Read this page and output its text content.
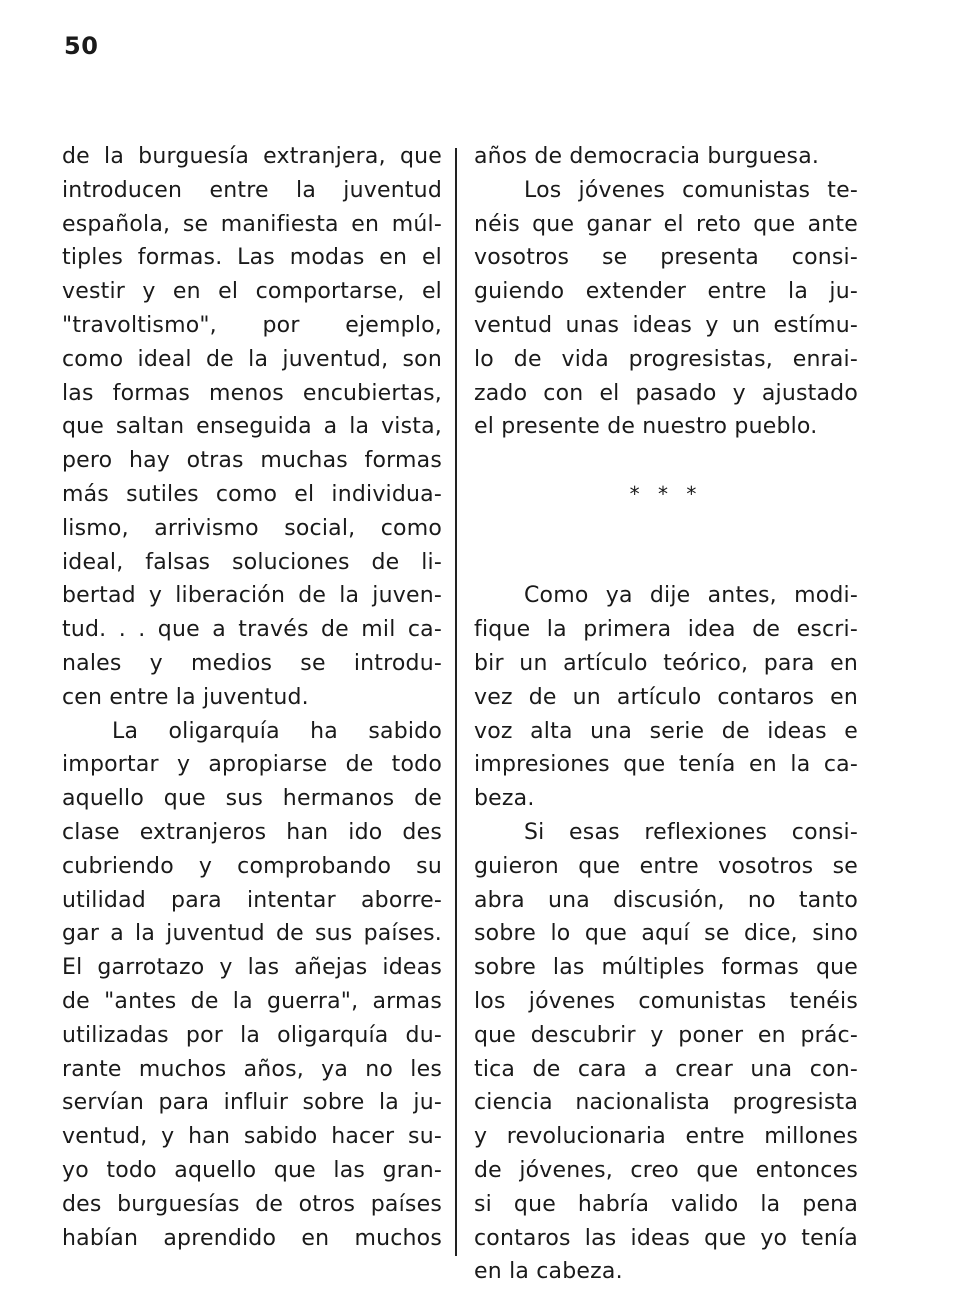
50
de la burguesía extranjera, que
introducen entre la juventud
española, se manifiesta en múl-
tiples formas. Las modas en el
vestir y en el comportarse, el
"travoltismo", por ejemplo,
como ideal de la juventud, son
las formas menos encubiertas,
que saltan enseguida a la vista,
pero hay otras muchas formas
más sutiles como el individua-
lismo, arrivismo social, como
ideal, falsas soluciones de li-
bertad y liberación de la juven-
tud. . . que a través de mil ca-
nales y medios se introdu-
cen entre la juventud.
La oligarquía ha sabido
importar y apropiarse de todo
aquello que sus hermanos de
clase extranjeros han ido des
cubriendo y comprobando su
utilidad para intentar aborre-
gar a la juventud de sus países.
El garrotazo y las añejas ideas
de "antes de la guerra", armas
utilizadas por la oligarquía du-
rante muchos años, ya no les
servían para influir sobre la ju-
ventud, y han sabido hacer su-
yo todo aquello que las gran-
des burguesías de otros países
habían aprendido en muchos
años de democracia burguesa.
Los jóvenes comunistas te-
néis que ganar el reto que ante
vosotros se presenta consi-
guiendo extender entre la ju-
ventud unas ideas y un estímu-
lo de vida progresistas, enrai-
zado con el pasado y ajustado
el presente de nuestro pueblo.
* * *
Como ya dije antes, modi-
fique la primera idea de escri-
bir un artículo teórico, para en
vez de un artículo contaros en
voz alta una serie de ideas e
impresiones que tenía en la ca-
beza.
Si esas reflexiones consi-
guieron que entre vosotros se
abra una discusión, no tanto
sobre lo que aquí se dice, sino
sobre las múltiples formas que
los jóvenes comunistas tenéis
que descubrir y poner en prác-
tica de cara a crear una con-
ciencia nacionalista progresista
y revolucionaria entre millones
de jóvenes, creo que entonces
si que habría valido la pena
contaros las ideas que yo tenía
en la cabeza.
